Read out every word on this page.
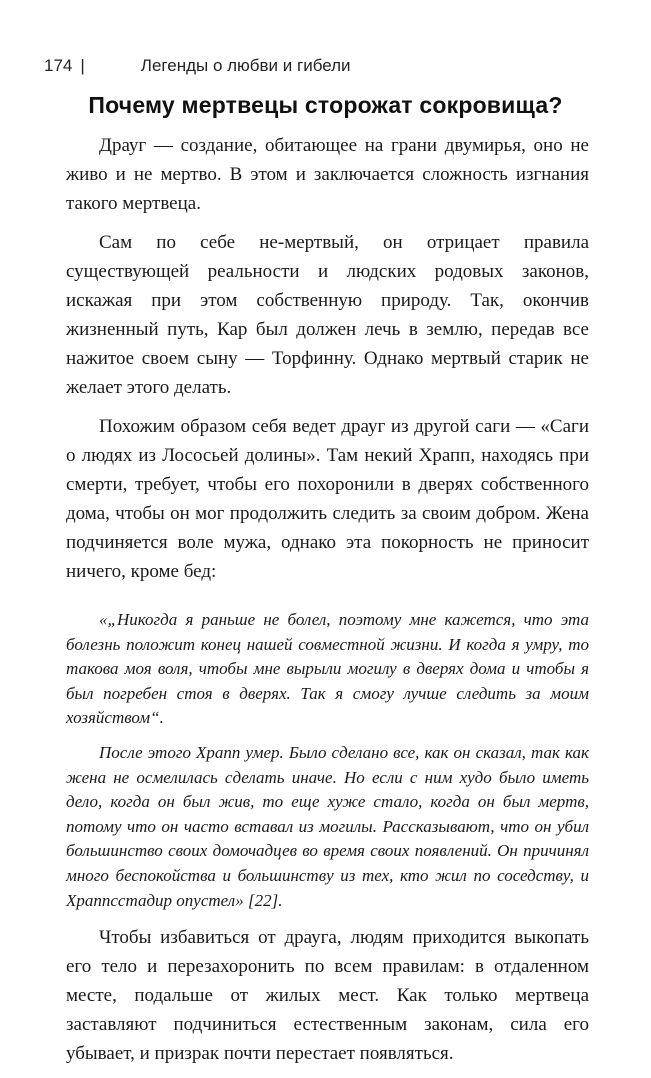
174 |	Легенды о любви и гибели
Почему мертвецы сторожат сокровища?

Драуг — создание, обитающее на грани двумирья, оно не живо и не мертво. В этом и заключается сложность изгнания такого мертвеца.

Сам по себе не-мертвый, он отрицает правила существующей реальности и людских родовых законов, искажая при этом собственную природу. Так, окончив жизненный путь, Кар был должен лечь в землю, передав все нажитое своем сыну — Торфинну. Однако мертвый старик не желает этого делать.

Похожим образом себя ведет драуг из другой саги — «Саги о людях из Лососьей долины». Там некий Храпп, находясь при смерти, требует, чтобы его похоронили в дверях собственного дома, чтобы он мог продолжить следить за своим добром. Жена подчиняется воле мужа, однако эта покорность не приносит ничего, кроме бед:

«„Никогда я раньше не болел, поэтому мне кажется, что эта болезнь положит конец нашей совместной жизни. И когда я умру, то такова моя воля, чтобы мне вырыли могилу в дверях дома и чтобы я был погребен стоя в дверях. Так я смогу лучше следить за моим хозяйством“.

После этого Храпп умер. Было сделано все, как он сказал, так как жена не осмелилась сделать иначе. Но если с ним худо было иметь дело, когда он был жив, то еще хуже стало, когда он был мертв, потому что он часто вставал из могилы. Рассказывают, что он убил большинство своих домочадцев во время своих появлений. Он причинял много беспокойства и большинству из тех, кто жил по соседству, и Храппсстадир опустел» [22].

Чтобы избавиться от драуга, людям приходится выкопать его тело и перезахоронить по всем правилам: в отдаленном месте, подальше от жилых мест. Как только мертвеца заставляют подчиниться естественным законам, сила его убывает, и призрак почти перестает появляться.
